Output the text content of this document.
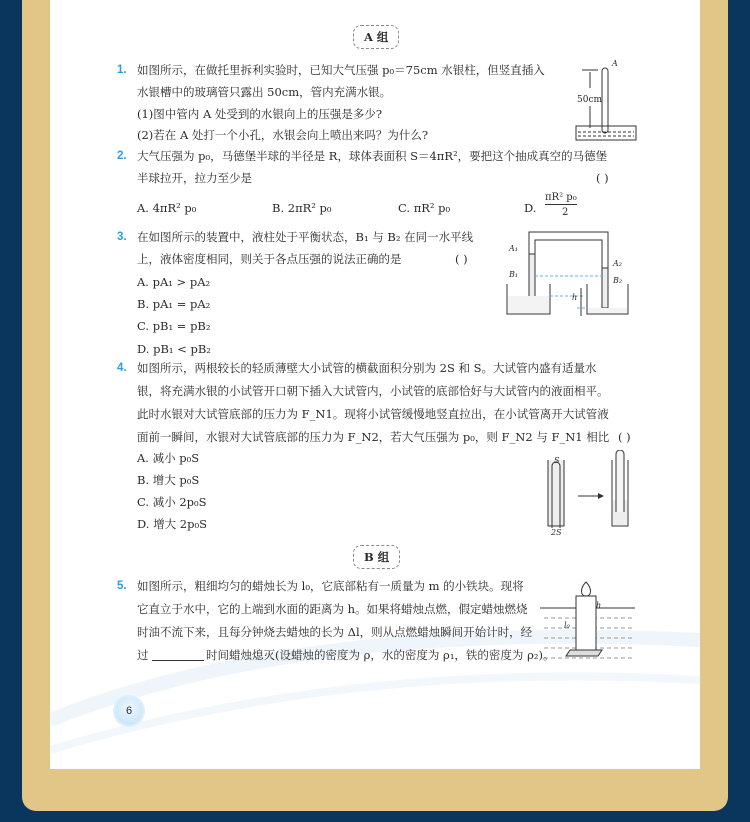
A 组
1. 如图所示，在做托里拆利实验时，已知大气压强 p₀＝75cm 水银柱，但竖直插入
水银槽中的玻璃管只露出 50cm，管内充满水银。
(1)图中管内 A 处受到的水银向上的压强是多少?
(2)若在 A 处打一个小孔，水银会向上喷出来吗？为什么?
50cm
A
2. 大气压强为 p₀，马德堡半球的半径是 R，球体表面积 S＝4πR²，要把这个抽成真空的马德堡
半球拉开，拉力至少是	( )
A. 4πR² p₀	B. 2πR² p₀	C. πR² p₀	D.
πR² p₀
2
3. 在如图所示的装置中，液柱处于平衡状态，B₁ 与 B₂ 在同一水平线
上，液体密度相同，则关于各点压强的说法正确的是	( )
A. pA₁ > pA₂
B. pA₁ = pA₂
C. pB₁ = pB₂
D. pB₁ < pB₂
A₁
B₁
A₂
B₂
h
4. 如图所示，两根较长的轻质薄壁大小试管的横截面积分别为 2S 和 S。大试管内盛有适量水
银，将充满水银的小试管开口朝下插入大试管内，小试管的底部恰好与大试管内的液面相平。
此时水银对大试管底部的压力为 F_N1。现将小试管缓慢地竖直拉出，在小试管离开大试管液
面前一瞬间，水银对大试管底部的压力为 F_N2，若大气压强为 p₀，则 F_N2 与 F_N1 相比 ( )
A. 减小 p₀S
B. 增大 p₀S
C. 减小 2p₀S
D. 增大 2p₀S
S
2S
B 组
5. 如图所示，粗细均匀的蜡烛长为 l₀，它底部粘有一质量为 m 的小铁块。现将
它直立于水中，它的上端到水面的距离为 h。如果将蜡烛点燃，假定蜡烛燃烧
时油不流下来，且每分钟烧去蜡烛的长为 Δl，则从点燃蜡烛瞬间开始计时，经
过	时间蜡烛熄灭(设蜡烛的密度为 ρ，水的密度为 ρ₁，铁的密度为 ρ₂)。
h
l₀
6
